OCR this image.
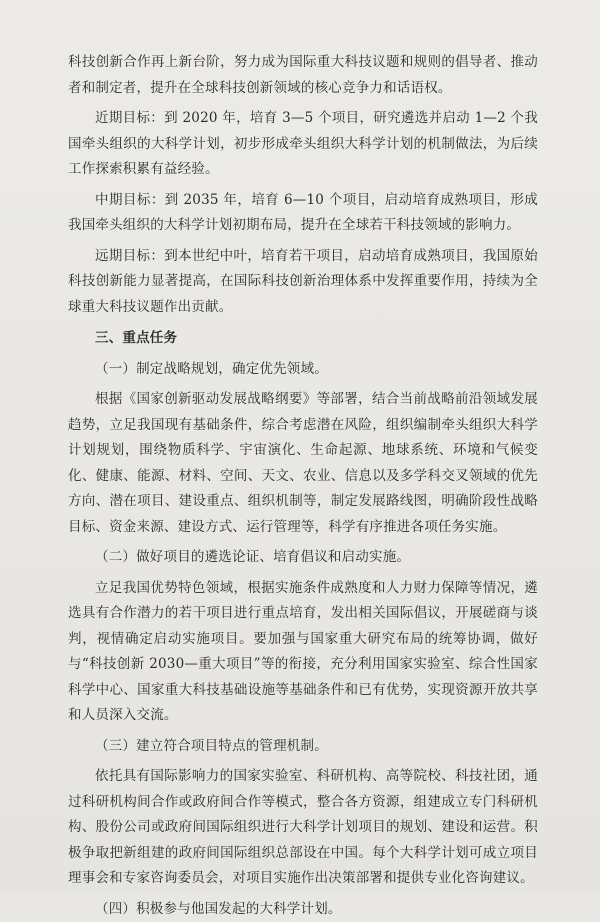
科技创新合作再上新台阶，努力成为国际重大科技议题和规则的倡导者、推动者和制定者，提升在全球科技创新领域的核心竞争力和话语权。

近期目标：到 2020 年，培育 3—5 个项目，研究遴选并启动 1—2 个我国牵头组织的大科学计划，初步形成牵头组织大科学计划的机制做法，为后续工作探索积累有益经验。

中期目标：到 2035 年，培育 6—10 个项目，启动培育成熟项目，形成我国牵头组织的大科学计划初期布局，提升在全球若干科技领域的影响力。

远期目标：到本世纪中叶，培育若干项目，启动培育成熟项目，我国原始科技创新能力显著提高，在国际科技创新治理体系中发挥重要作用，持续为全球重大科技议题作出贡献。

三、重点任务

（一）制定战略规划，确定优先领域。

根据《国家创新驱动发展战略纲要》等部署，结合当前战略前沿领域发展趋势，立足我国现有基础条件，综合考虑潜在风险，组织编制牵头组织大科学计划规划，围绕物质科学、宇宙演化、生命起源、地球系统、环境和气候变化、健康、能源、材料、空间、天文、农业、信息以及多学科交叉领域的优先方向、潜在项目、建设重点、组织机制等，制定发展路线图，明确阶段性战略目标、资金来源、建设方式、运行管理等，科学有序推进各项任务实施。

（二）做好项目的遴选论证、培育倡议和启动实施。

立足我国优势特色领域，根据实施条件成熟度和人力财力保障等情况，遴选具有合作潜力的若干项目进行重点培育，发出相关国际倡议，开展磋商与谈判，视情确定启动实施项目。要加强与国家重大研究布局的统筹协调，做好与“科技创新 2030—重大项目”等的衔接，充分利用国家实验室、综合性国家科学中心、国家重大科技基础设施等基础条件和已有优势，实现资源开放共享和人员深入交流。

（三）建立符合项目特点的管理机制。

依托具有国际影响力的国家实验室、科研机构、高等院校、科技社团，通过科研机构间合作或政府间合作等模式，整合各方资源，组建成立专门科研机构、股份公司或政府间国际组织进行大科学计划项目的规划、建设和运营。积极争取把新组建的政府间国际组织总部设在中国。每个大科学计划可成立项目理事会和专家咨询委员会，对项目实施作出决策部署和提供专业化咨询建议。

（四）积极参与他国发起的大科学计划。
